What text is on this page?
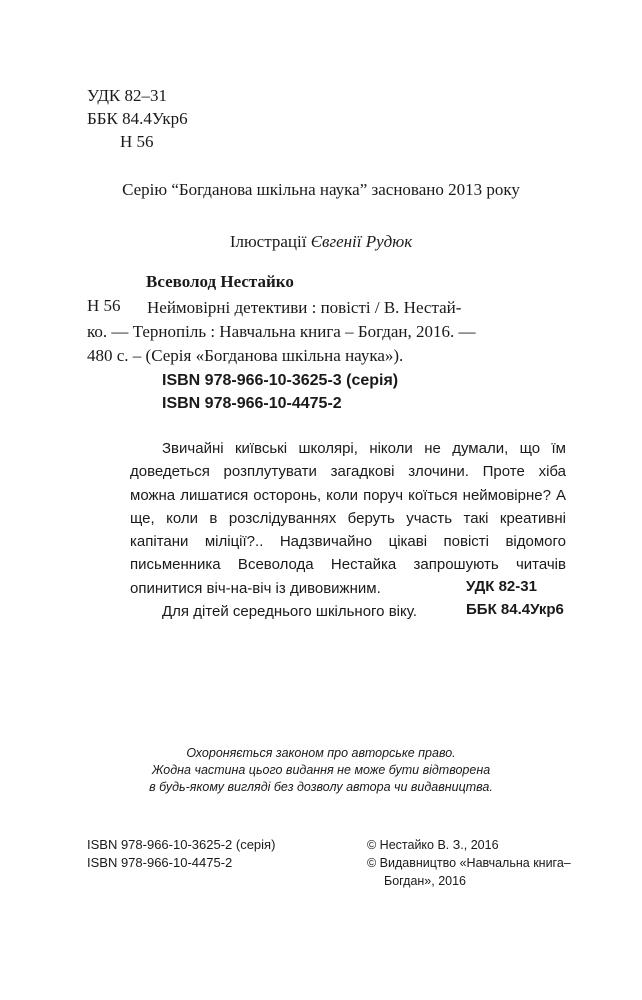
УДК 82–31
ББК 84.4Укр6
Н 56
Серію “Богданова шкільна наука” засновано 2013 року
Ілюстрації Євгенії Рудюк
Всеволод Нестайко
Н 56	Неймовірні детективи : повісті / В. Нестай-
ко. — Тернопіль : Навчальна книга – Богдан, 2016. —
480 с. – (Серія «Богданова шкільна наука»).
ISBN 978-966-10-3625-3 (серія)
ISBN 978-966-10-4475-2

Звичайні київські школярі, ніколи не думали, що їм доведеться розплутувати загадкові злочини. Проте хіба можна лишатися осторонь, коли поруч коїться неймовірне? А ще, коли в розслідуваннях беруть участь такі креативні капітани міліції?.. Надзвичайно цікаві повісті відомого письменника Всеволода Нестайка запрошують читачів опинитися віч-на-віч із дивовижним.

Для дітей середнього шкільного віку.

УДК 82-31
ББК 84.4Укр6
Охороняється законом про авторське право.
Жодна частина цього видання не може бути відтворена
в будь-якому вигляді без дозволу автора чи видавництва.
ISBN 978-966-10-3625-2 (серія)
ISBN 978-966-10-4475-2
© Нестайко В. З., 2016
© Видавництво «Навчальна книга–
Богдан», 2016
